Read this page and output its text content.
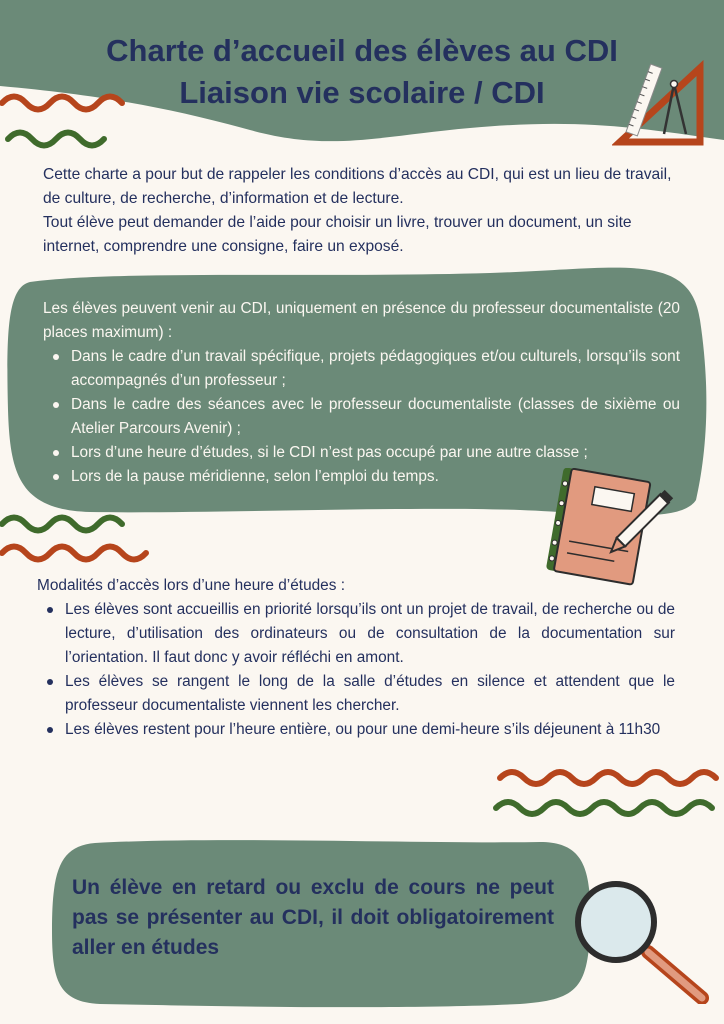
Charte d’accueil des élèves au CDI
Liaison vie scolaire / CDI

Cette charte a pour but de rappeler les conditions d’accès au CDI, qui est un lieu de travail, de culture, de recherche, d’information et de lecture.

Tout élève peut demander de l’aide pour choisir un livre, trouver un document, un site internet, comprendre une consigne, faire un exposé.

Les élèves peuvent venir au CDI, uniquement en présence du professeur documentaliste (20 places maximum) :

Dans le cadre d’un travail spécifique, projets pédagogiques et/ou culturels, lorsqu’ils sont accompagnés d’un professeur ;
Dans le cadre des séances avec le professeur documentaliste (classes de sixième ou Atelier Parcours Avenir) ;
Lors d’une heure d’études, si le CDI n’est pas occupé par une autre classe ;
Lors de la pause méridienne, selon l’emploi du temps.

Modalités d’accès lors d’une heure d’études :

Les élèves sont accueillis en priorité lorsqu’ils ont un projet de travail, de recherche ou de lecture, d’utilisation des ordinateurs ou de consultation de la documentation sur l’orientation. Il faut donc y avoir réfléchi en amont.
Les élèves se rangent le long de la salle d’études en silence et attendent que le professeur documentaliste viennent les chercher.
Les élèves restent pour l’heure entière, ou pour une demi-heure s’ils déjeunent à 11h30
Un élève en retard ou exclu de cours ne peut pas se présenter au CDI, il doit obligatoirement aller en études
